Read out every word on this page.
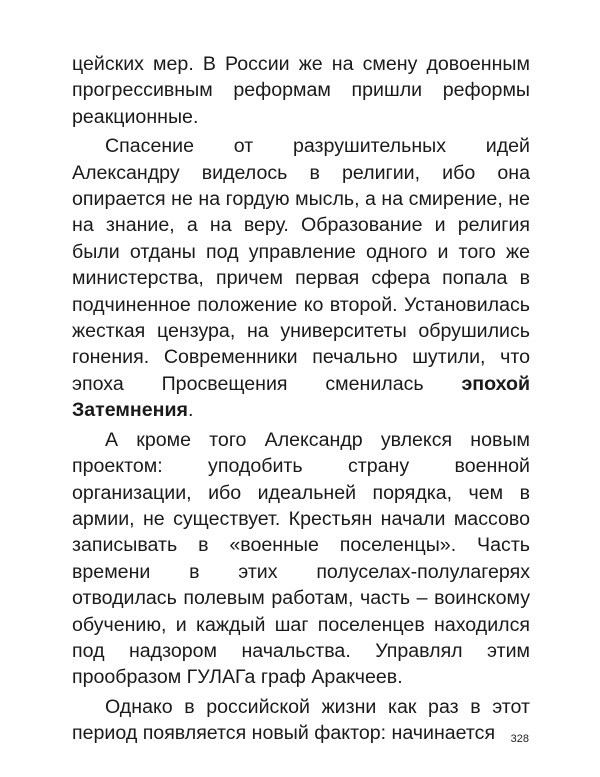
цейских мер. В России же на смену довоенным прогрессивным реформам пришли реформы реакционные.

Спасение от разрушительных идей Александру виделось в религии, ибо она опирается не на гордую мысль, а на смирение, не на знание, а на веру. Образование и религия были отданы под управление одного и того же министерства, причем первая сфера попала в подчиненное положение ко второй. Установилась жесткая цензура, на университеты обрушились гонения. Современники печально шутили, что эпоха Просвещения сменилась эпохой Затемнения.

А кроме того Александр увлекся новым проектом: уподобить страну военной организации, ибо идеальней порядка, чем в армии, не существует. Крестьян начали массово записывать в «военные поселенцы». Часть времени в этих полуселах-полулагерях отводилась полевым работам, часть – воинскому обучению, и каждый шаг поселенцев находился под надзором начальства. Управлял этим прообразом ГУЛАГа граф Аракчеев.

Однако в российской жизни как раз в этот период появляется новый фактор: начинается	328
